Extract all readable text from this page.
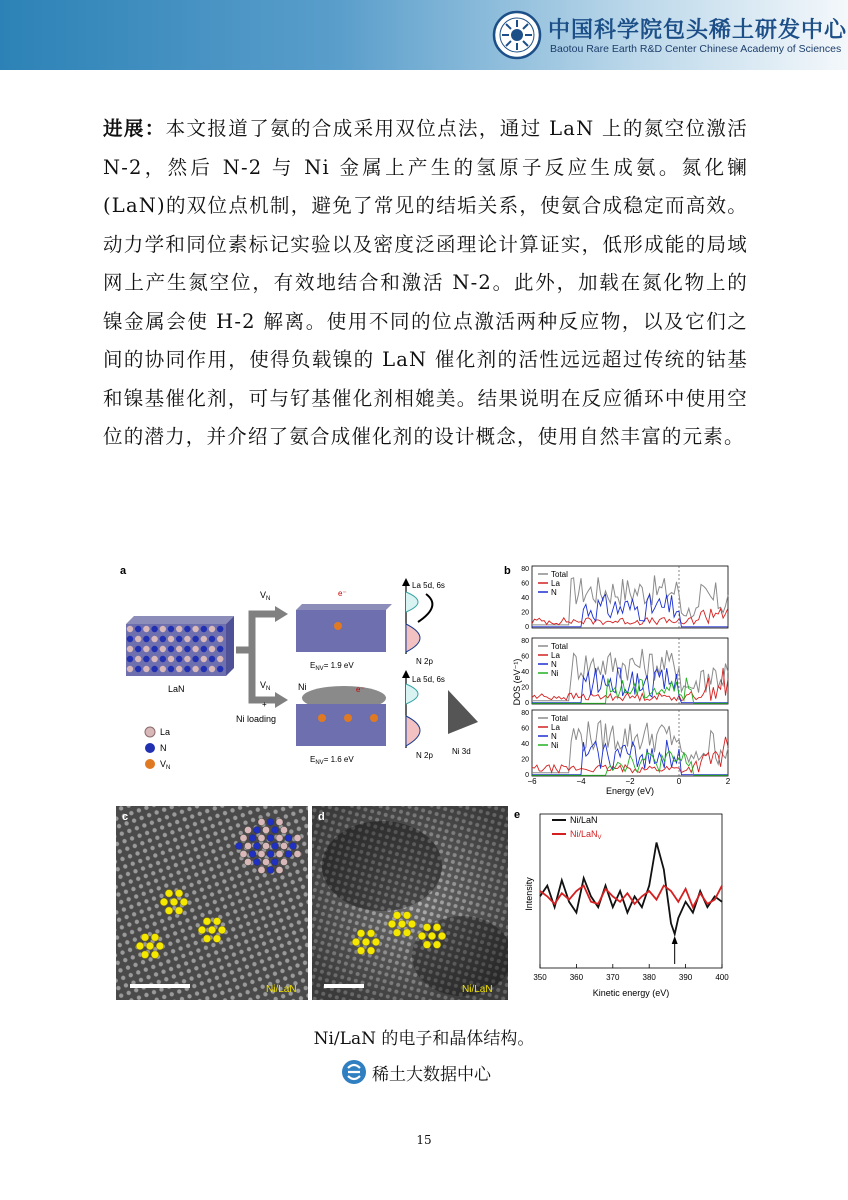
中国科学院包头稀土研发中心
Baotou Rare Earth R&D Center Chinese Academy of Sciences
进展：本文报道了氨的合成采用双位点法，通过 LaN 上的氮空位激活 N-2，然后 N-2 与 Ni 金属上产生的氢原子反应生成氨。氮化镧(LaN)的双位点机制，避免了常见的结垢关系，使氨合成稳定而高效。动力学和同位素标记实验以及密度泛函理论计算证实，低形成能的局域网上产生氮空位，有效地结合和激活 N-2。此外，加载在氮化物上的镍金属会使 H-2 解离。使用不同的位点激活两种反应物，以及它们之间的协同作用，使得负载镍的 LaN 催化剂的活性远远超过传统的钴基和镍基催化剂，可与钌基催化剂相媲美。结果说明在反应循环中使用空位的潜力，并介绍了氨合成催化剂的设计概念，使用自然丰富的元素。
a
LaN
$V_N$
$V_N$
+
Ni loading
e⁻
$E_{NV}= 1.9$ eV
Ni	e⁻
$E_{NV}= 1.6$ eV
La 5d, 6s
N 2p
La 5d, 6s
N 2p Ni 3d
La
N
$V_N$
b
DOS (eV⁻¹)
80
60
40
20
0
Total
La
N
80
60
40
20
0
Total
La
N
Ni
80
60
40
20
0
Total
La
N
Ni
−6	−4	−2	0	2
Energy (eV)
c
Ni/LaN
d
Ni/LaN
e
Intensity
Ni/LaN
Ni/LaN$_V$
350	360	370	380	390	400
Kinetic energy (eV)
Ni/LaN 的电子和晶体结构。
稀土大数据中心
15
